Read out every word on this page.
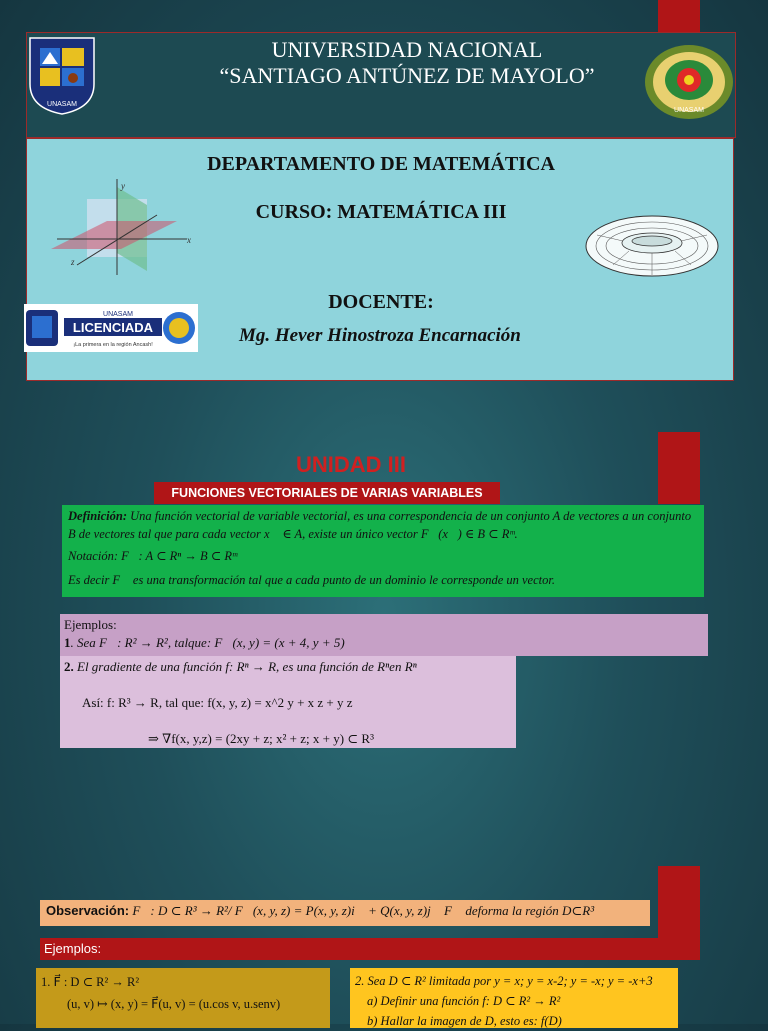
UNIVERSIDAD NACIONAL
“SANTIAGO ANTÚNEZ DE MAYOLO”
UNASAM
UNASAM
DEPARTAMENTO DE MATEMÁTICA
CURSO: MATEMÁTICA III
DOCENTE:
Mg. Hever Hinostroza Encarnación
y
x
z
UNASAM
LICENCIADA
¡La primera en la región Ancash!
UNIDAD III
FUNCIONES VECTORIALES DE VARIAS VARIABLES
Definición: Una función vectorial de variable vectorial, es una correspondencia de un conjunto A de vectores a un conjunto B de vectores tal que para cada vector x⃗ ∈ A, existe un único vector F⃗(x⃗) ∈ B ⊂ Rᵐ.
Notación: F⃗: A ⊂ Rⁿ → B ⊂ Rᵐ
Es decir F⃗ es una transformación tal que a cada punto de un dominio le corresponde un vector.
Ejemplos:
1. Sea F⃗: R² → R², talque: F⃗(x, y) = (x + 4, y + 5)
2. El gradiente de una función f: Rⁿ → R, es una función de Rⁿen Rⁿ
Así: f: R³ → R, tal que: f(x, y, z) = x^2 y + x z + y z
⇒ ∇f(x, y,z) = (2xy + z; x² + z; x + y) ⊂ R³
Observación: F⃗: D ⊂ R³ → R²/ F⃗(x, y, z) = P(x, y, z)i⃗ + Q(x, y, z)j⃗ F⃗ deforma la región D⊂R³
Ejemplos:
1. F⃗ : D ⊂ R² → R²
(u, v) ↦ (x, y) = F⃗(u, v) = (u.cos v, u.senv)
2. Sea D ⊂ R² limitada por y = x; y = x-2; y = -x; y = -x+3
a) Definir una función f: D ⊂ R² → R²
b) Hallar la imagen de D, esto es: f(D)
